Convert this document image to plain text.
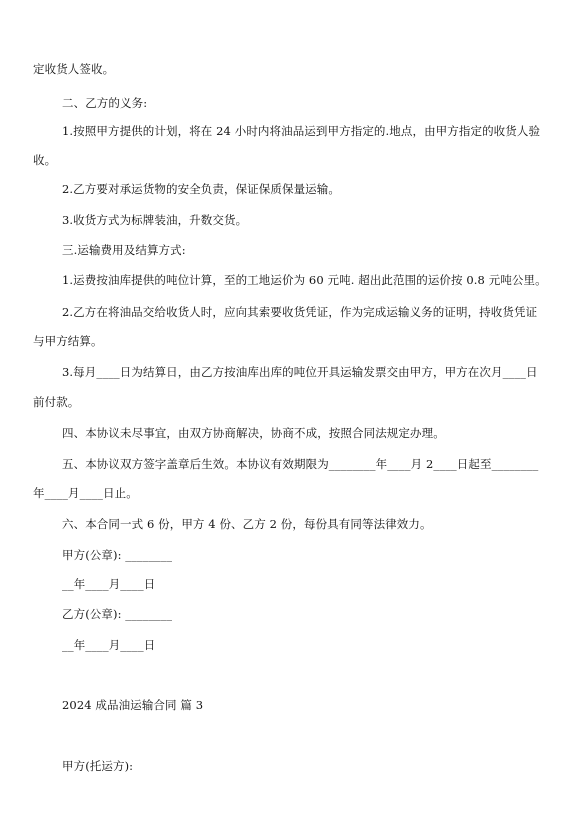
定收货人签收。
二、乙方的义务:
1.按照甲方提供的计划，将在 24 小时内将油品运到甲方指定的.地点，由甲方指定的收货人验
收。
2.乙方要对承运货物的安全负责，保证保质保量运输。
3.收货方式为标牌装油，升数交货。
三.运输费用及结算方式:
1.运费按油库提供的吨位计算，至的工地运价为 60 元吨. 超出此范围的运价按 0.8 元吨公里。
2.乙方在将油品交给收货人时，应向其索要收货凭证，作为完成运输义务的证明，持收货凭证
与甲方结算。
3.每月____日为结算日，由乙方按油库出库的吨位开具运输发票交由甲方，甲方在次月____日
前付款。
四、本协议未尽事宜，由双方协商解决，协商不成，按照合同法规定办理。
五、本协议双方签字盖章后生效。本协议有效期限为________年____月 2____日起至________
年____月____日止。
六、本合同一式 6 份，甲方 4 份、乙方 2 份，每份具有同等法律效力。
甲方(公章): ________
__年____月____日
乙方(公章): ________
__年____月____日
2024 成品油运输合同 篇 3
甲方(托运方):
